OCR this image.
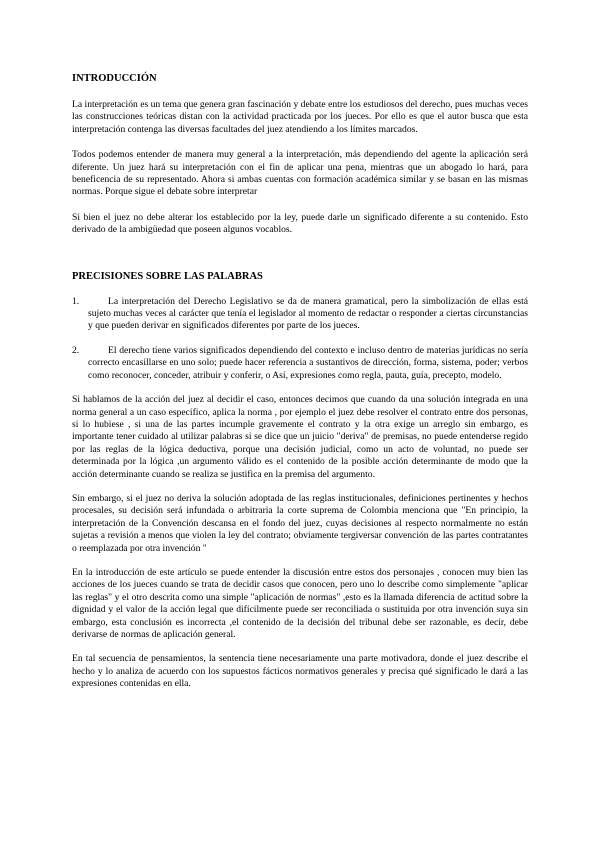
INTRODUCCIÓN

La interpretación es un tema que genera gran fascinación y debate entre los estudiosos del derecho, pues muchas veces las construcciones teóricas distan con la actividad practicada por los jueces. Por ello es que el autor busca que esta interpretación contenga las diversas facultades del juez atendiendo a los límites marcados.

Todos podemos entender de manera muy general a la interpretación, más dependiendo del agente la aplicación será diferente. Un juez hará su interpretación con el fin de aplicar una pena, mientras que un abogado lo hará, para beneficencia de su representado. Ahora si ambas cuentas con formación académica similar y se basan en las mismas normas. Porque sigue el debate sobre interpretar

Si bien el juez no debe alterar los establecido por la ley, puede darle un significado diferente a su contenido. Esto derivado de la ambigüedad que poseen algunos vocablos.

PRECISIONES SOBRE LAS PALABRAS
1.	La interpretación del Derecho Legislativo se da de manera gramatical, pero la simbolización de ellas está sujeto muchas veces al carácter que tenía el legislador al momento de redactar o responder a ciertas circunstancias y que pueden derivar en significados diferentes por parte de los jueces.
2.	El derecho tiene varios significados dependiendo del contexto e incluso dentro de materias jurídicas no sería correcto encasillarse en uno solo; puede hacer referencia a sustantivos de dirección, forma, sistema, poder; verbos como reconocer, conceder, atribuir y conferir, o Así, expresiones como regla, pauta, guía, precepto, modelo.

Si hablamos de la acción del juez al decidir el caso, entonces decimos que cuando da una solución integrada en una norma general a un caso específico, aplica la norma , por ejemplo el juez debe resolver el contrato entre dos personas, si lo hubiese , si una de las partes incumple gravemente el contrato y la otra exige un arreglo sin embargo, es importante tener cuidado al utilizar palabras si se dice que un juicio "deriva" de premisas, no puede entenderse regido por las reglas de la lógica deductiva, porque una decisión judicial, como un acto de voluntad, no puede ser determinada por la lógica ,un argumento válido es el contenido de la posible acción determinante de modo que la acción determinante cuando se realiza se justifica en la premisa del argumento.

Sin embargo, si el juez no deriva la solución adoptada de las reglas institucionales, definiciones pertinentes y hechos procesales, su decisión será infundada o arbitraria la corte suprema de Colombia menciona que "En principio, la interpretación de la Convención descansa en el fondo del juez, cuyas decisiones al respecto normalmente no están sujetas a revisión a menos que violen la ley del contrato; obviamente tergiversar convención de las partes contratantes o reemplazada por otra invención "

En la introducción de este artículo se puede entender la discusión entre estos dos personajes , conocen muy bien las acciones de los jueces cuando se trata de decidir casos que conocen, pero uno lo describe como simplemente "aplicar las reglas" y el otro descrita como una simple "aplicación de normas" ,esto es la llamada diferencia de actitud sobre la dignidad y el valor de la acción legal que difícilmente puede ser reconciliada o sustituida por otra invención suya sin embargo, esta conclusión es incorrecta ,el contenido de la decisión del tribunal debe ser razonable, es decir, debe derivarse de normas de aplicación general.

En tal secuencia de pensamientos, la sentencia tiene necesariamente una parte motivadora, donde el juez describe el hecho y lo analiza de acuerdo con los supuestos fácticos normativos generales y precisa qué significado le dará a las expresiones contenidas en ella.
